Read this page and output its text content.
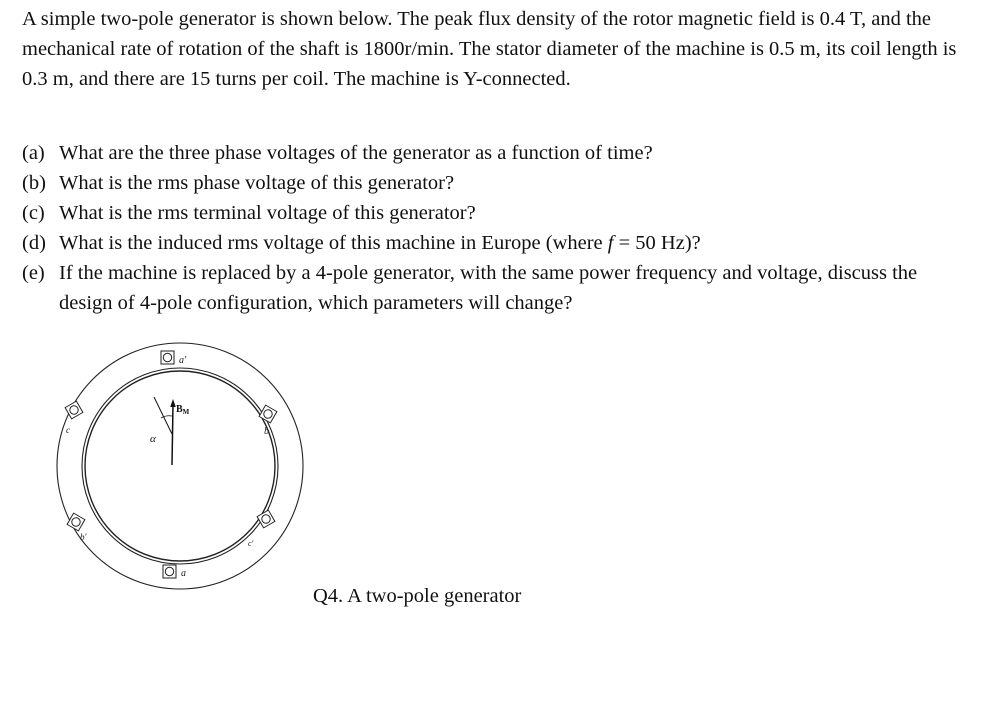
A simple two-pole generator is shown below. The peak flux density of the rotor magnetic field is 0.4 T, and the mechanical rate of rotation of the shaft is 1800r/min. The stator diameter of the machine is 0.5 m, its coil length is 0.3 m, and there are 15 turns per coil. The machine is Y-connected.

(a) What are the three phase voltages of the generator as a function of time?
(b) What is the rms phase voltage of this generator?
(c) What is the rms terminal voltage of this generator?
(d) What is the induced rms voltage of this machine in Europe (where f = 50 Hz)?
(e) If the machine is replaced by a 4-pole generator, with the same power frequency and voltage, discuss the design of 4-pole configuration, which parameters will change?
a′
a
b
c
b′
c′
$B_M$
α

Q4. A two-pole generator
